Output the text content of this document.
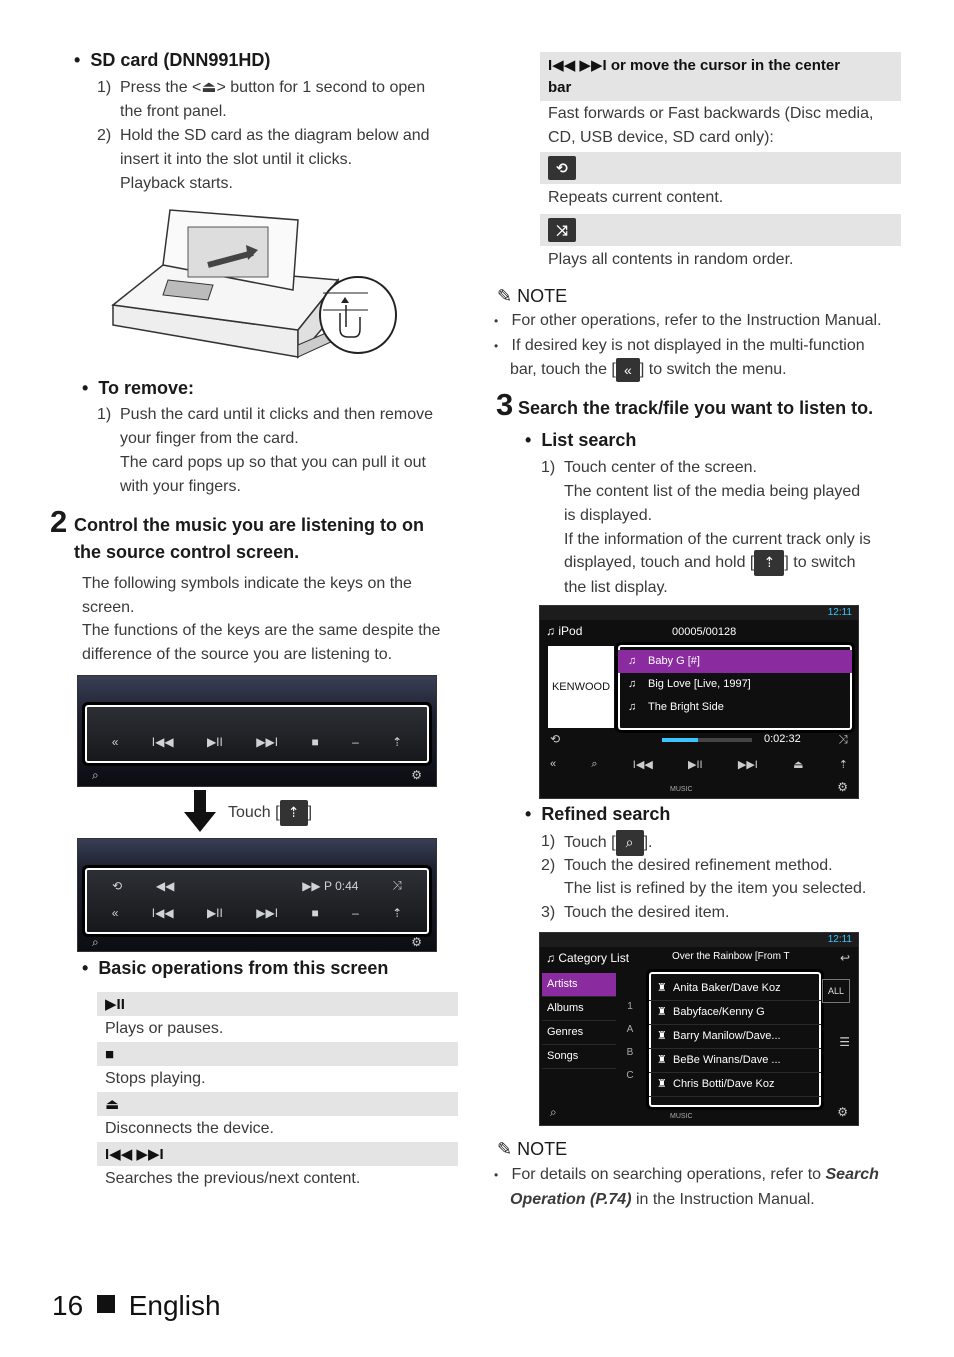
•  SD card (DNN991HD)
1) Press the <⏏> button for 1 second to open
the front panel.
2) Hold the SD card as the diagram below and
insert it into the slot until it clicks.
Playback starts.
•  To remove:
1) Push the card until it clicks and then remove
your finger from the card.
The card pops up so that you can pull it out
with your fingers.
2 Control the music you are listening to on
the source control screen.
The following symbols indicate the keys on the
screen.
The functions of the keys are the same despite the
difference of the source you are listening to.
«	I◀◀	▶II	▶▶I	■	–	⇡
⌕	⚙
Touch [ ⇡ ]
⟲	◀◀	▶▶ P 0:44	⤨
«	I◀◀	▶II	▶▶I	■	–	⇡
⌕	⚙
•  Basic operations from this screen
▶II
Plays or pauses.
■
Stops playing.
⏏
Disconnects the device.
I◀◀ ▶▶I
Searches the previous/next content.
I◀◀ ▶▶I or move the cursor in the center
bar
Fast forwards or Fast backwards (Disc media,
CD, USB device, SD card only):
⟲
Repeats current content.
⤨
Plays all contents in random order.
✎ NOTE
• For other operations, refer to the Instruction Manual.
• If desired key is not displayed in the multi-function
bar, touch the [ « ] to switch the menu.
3 Search the track/file you want to listen to.
•  List search
1) Touch center of the screen.
The content list of the media being played
is displayed.
If the information of the current track only is
displayed, touch and hold [ ⇡ ] to switch
the list display.
12:11
♫ iPod	00005/00128
KENWOOD
♫ Baby G [#]
♫ Big Love [Live, 1997]
♫ The Bright Side
⟲	0:02:32	⤨
«	⌕	I◀◀	▶II	▶▶I	⏏	⇡
MUSIC	⚙
•  Refined search
1) Touch [ ⌕ ].
2) Touch the desired refinement method.
The list is refined by the item you selected.
3) Touch the desired item.
12:11
♫ Category List	Over the Rainbow [From T	↩
Artists
Albums
Genres
Songs
1
A
B
C
♜ Anita Baker/Dave Koz
♜ Babyface/Kenny G
♜ Barry Manilow/Dave...
♜ BeBe Winans/Dave ...
♜ Chris Botti/Dave Koz
ALL
☰
⌕	MUSIC	⚙
✎ NOTE
• For details on searching operations, refer to Search
Operation (P.74) in the Instruction Manual.
16 English
